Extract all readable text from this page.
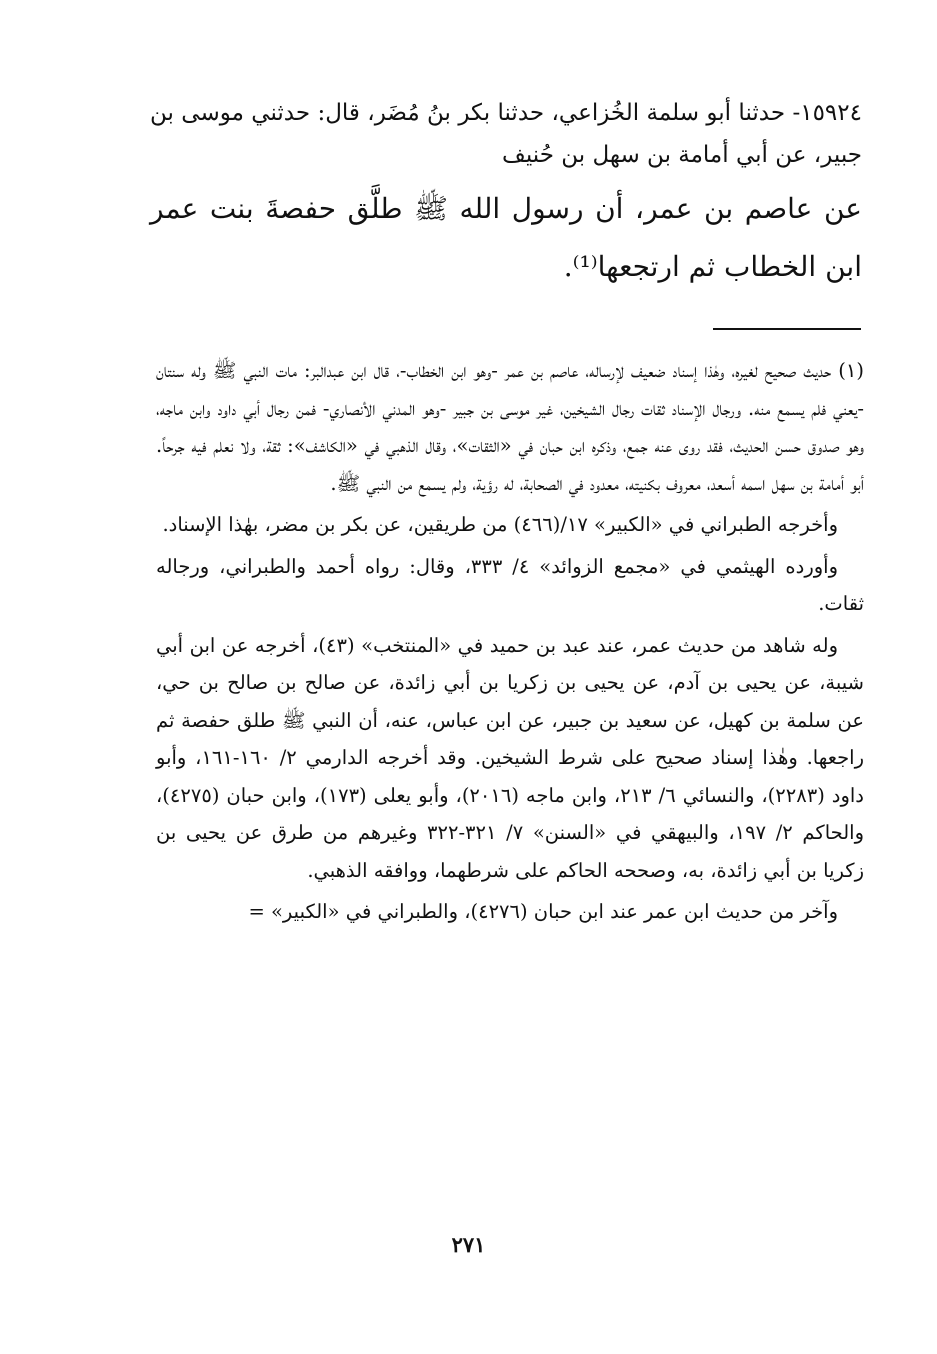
١٥٩٢٤- حدثنا أبو سلمة الخُزاعي، حدثنا بكر بنُ مُضَر، قال: حدثني موسى بن جبير، عن أبي أمامة بن سهل بن حُنيف

عن عاصم بن عمر، أن رسول الله ﷺ طلَّق حفصةَ بنت عمر ابن الخطاب ثم ارتجعها⁽¹⁾.

(١) حديث صحيح لغيره، وهٰذا إسناد ضعيف لإرساله، عاصم بن عمر -وهو ابن الخطاب-، قال ابن عبدالبر: مات النبي ﷺ وله سنتان -يعني فلم يسمع منه. ورجال الإسناد ثقات رجال الشيخين، غير موسى بن جبير -وهو المدني الأنصاري- فمن رجال أبي داود وابن ماجه، وهو صدوق حسن الحديث، فقد روى عنه جمع، وذكره ابن حبان في «الثقات»، وقال الذهبي في «الكاشف»: ثقة، ولا نعلم فيه جرحاً. أبو أمامة بن سهل اسمه أسعد، معروف بكنيته، معدود في الصحابة، له رؤية، ولم يسمع من النبي ﷺ.

وأخرجه الطبراني في «الكبير» ١٧/(٤٦٦) من طريقين، عن بكر بن مضر، بهٰذا الإسناد.

وأورده الهيثمي في «مجمع الزوائد» ٤/ ٣٣٣، وقال: رواه أحمد والطبراني، ورجاله ثقات.

وله شاهد من حديث عمر، عند عبد بن حميد في «المنتخب» (٤٣)، أخرجه عن ابن أبي شيبة، عن يحيى بن آدم، عن يحيى بن زكريا بن أبي زائدة، عن صالح بن صالح بن حي، عن سلمة بن كهيل، عن سعيد بن جبير، عن ابن عباس، عنه، أن النبي ﷺ طلق حفصة ثم راجعها. وهٰذا إسناد صحيح على شرط الشيخين. وقد أخرجه الدارمي ٢/ ١٦٠-١٦١، وأبو داود (٢٢٨٣)، والنسائي ٦/ ٢١٣، وابن ماجه (٢٠١٦)، وأبو يعلى (١٧٣)، وابن حبان (٤٢٧٥)، والحاكم ٢/ ١٩٧، والبيهقي في «السنن» ٧/ ٣٢١-٣٢٢ وغيرهم من طرق عن يحيى بن زكريا بن أبي زائدة، به، وصححه الحاكم على شرطهما، ووافقه الذهبي.

وآخر من حديث ابن عمر عند ابن حبان (٤٢٧٦)، والطبراني في «الكبير» =

٢٧١
